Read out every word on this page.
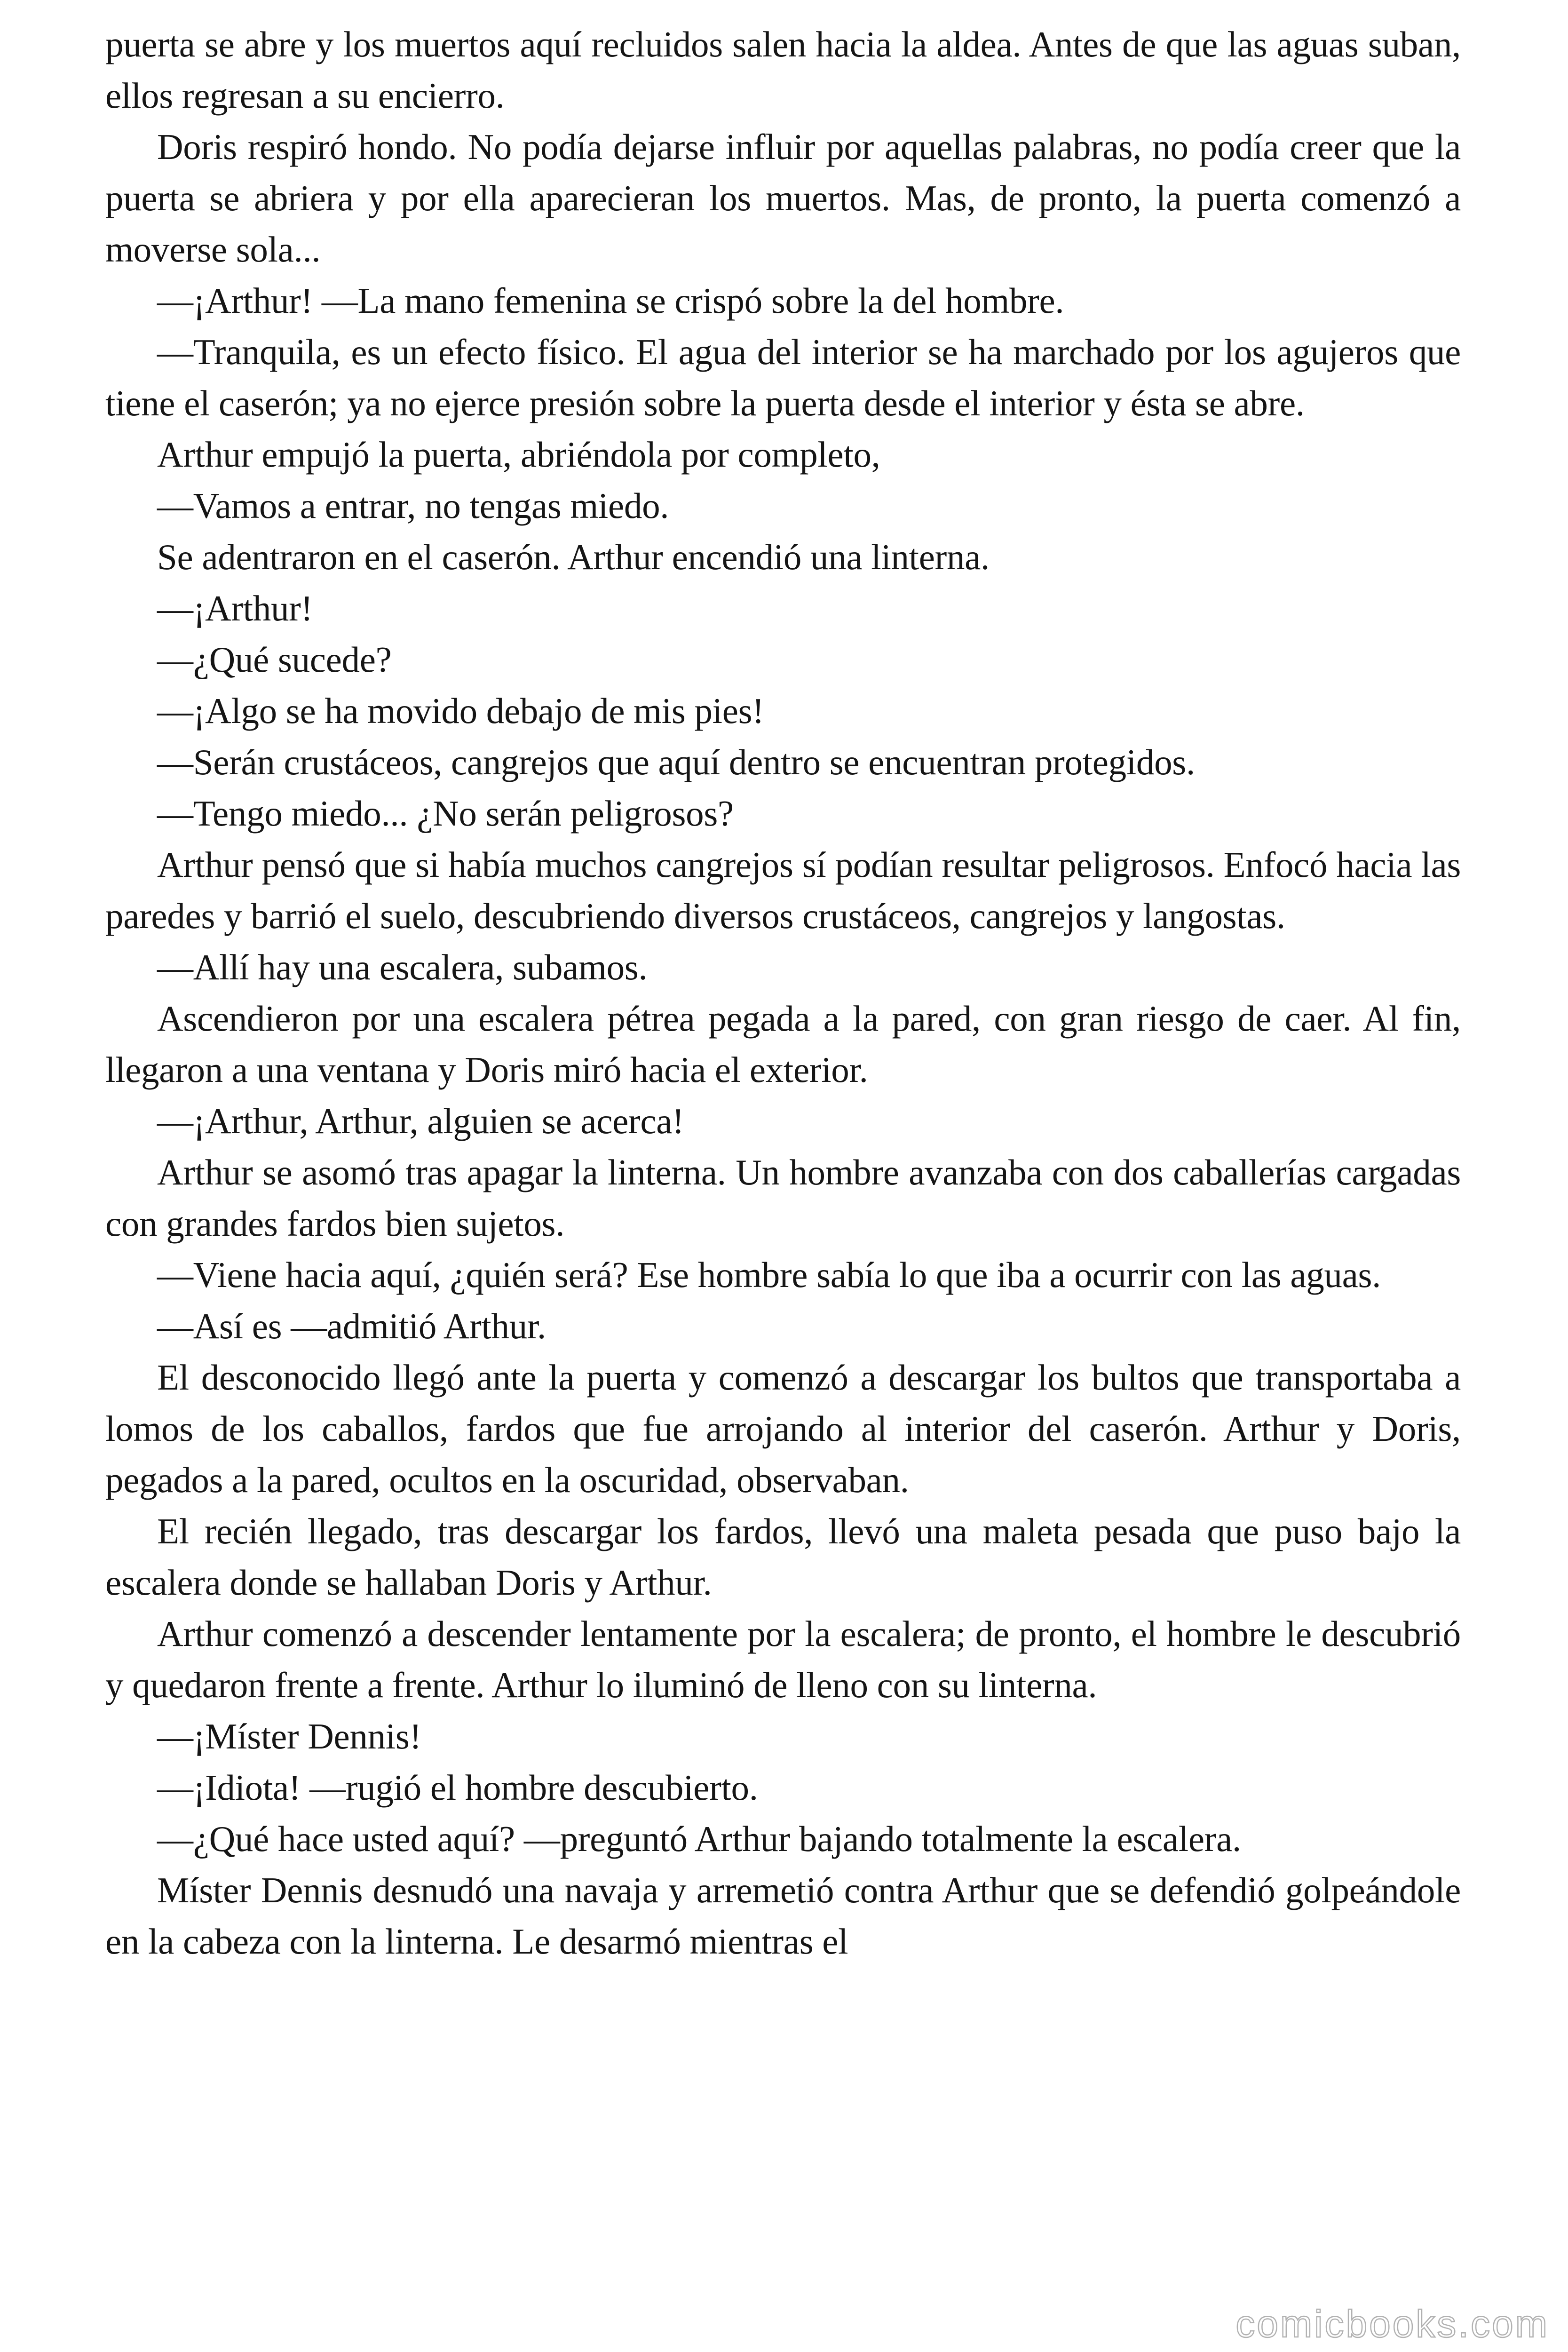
puerta se abre y los muertos aquí recluidos salen hacia la aldea. Antes de que las aguas suban, ellos regresan a su encierro.

Doris respiró hondo. No podía dejarse influir por aquellas palabras, no podía creer que la puerta se abriera y por ella aparecieran los muertos. Mas, de pronto, la puerta comenzó a moverse sola...

—¡Arthur! —La mano femenina se crispó sobre la del hombre.

—Tranquila, es un efecto físico. El agua del interior se ha marchado por los agujeros que tiene el caserón; ya no ejerce presión sobre la puerta desde el interior y ésta se abre.

Arthur empujó la puerta, abriéndola por completo,

—Vamos a entrar, no tengas miedo.

Se adentraron en el caserón. Arthur encendió una linterna.

—¡Arthur!

—¿Qué sucede?

—¡Algo se ha movido debajo de mis pies!

—Serán crustáceos, cangrejos que aquí dentro se encuentran protegidos.

—Tengo miedo... ¿No serán peligrosos?

Arthur pensó que si había muchos cangrejos sí podían resultar peligrosos. Enfocó hacia las paredes y barrió el suelo, descubriendo diversos crustáceos, cangrejos y langostas.

—Allí hay una escalera, subamos.

Ascendieron por una escalera pétrea pegada a la pared, con gran riesgo de caer. Al fin, llegaron a una ventana y Doris miró hacia el exterior.

—¡Arthur, Arthur, alguien se acerca!

Arthur se asomó tras apagar la linterna. Un hombre avanzaba con dos caballerías cargadas con grandes fardos bien sujetos.

—Viene hacia aquí, ¿quién será? Ese hombre sabía lo que iba a ocurrir con las aguas.

—Así es —admitió Arthur.

El desconocido llegó ante la puerta y comenzó a descargar los bultos que transportaba a lomos de los caballos, fardos que fue arrojando al interior del caserón. Arthur y Doris, pegados a la pared, ocultos en la oscuridad, observaban.

El recién llegado, tras descargar los fardos, llevó una maleta pesada que puso bajo la escalera donde se hallaban Doris y Arthur.

Arthur comenzó a descender lentamente por la escalera; de pronto, el hombre le descubrió y quedaron frente a frente. Arthur lo iluminó de lleno con su linterna.

—¡Míster Dennis!

—¡Idiota! —rugió el hombre descubierto.

—¿Qué hace usted aquí? —preguntó Arthur bajando totalmente la escalera.

Míster Dennis desnudó una navaja y arremetió contra Arthur que se defendió golpeándole en la cabeza con la linterna. Le desarmó mientras el

comicbooks.com
